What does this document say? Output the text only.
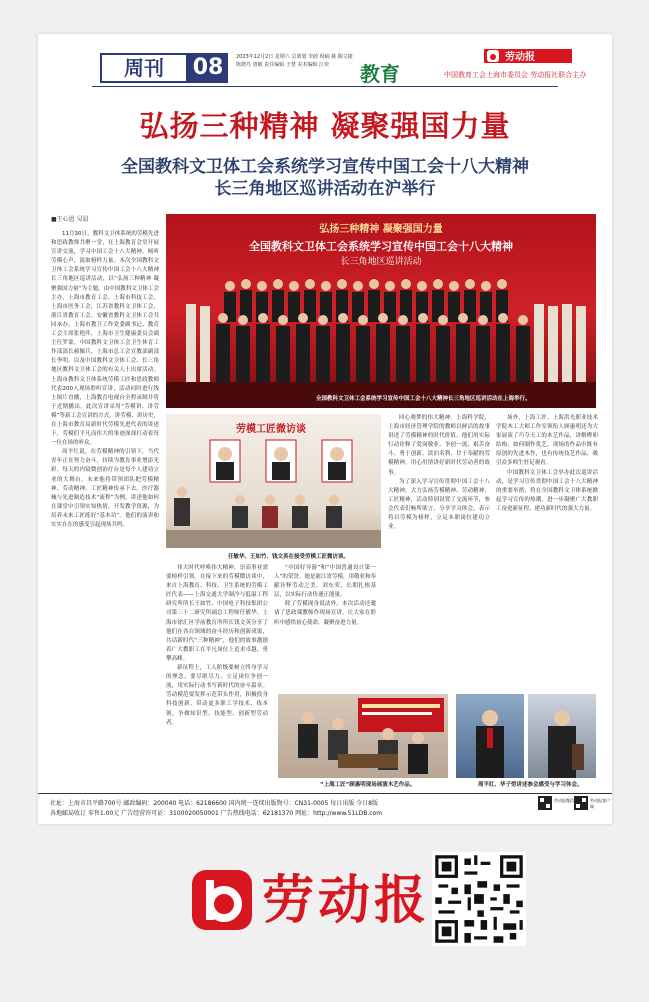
周刊	08	2023年12月2日 星期六 总策划 李蔚 组稿 姚 陶文捷 陈晓丹 唐敏 责任编辑 王慧 美术编辑 江奕	教育
劳动报
中国教育工会上海市委员会 劳动报社联合主办
弘扬三种精神 凝聚强国力量
全国教科文卫体工会系统学习宣传中国工会十八大精神
长三角地区巡讲活动在沪举行
■王心恩 吴晨

11月30日，教科文卫体系统的劳模先进和思政教师共聚一堂，在上海教育会堂开展宣讲交流，学习中国工会十八大精神，倾听劳模心声，汲取榜样力量。本次全国教科文卫体工会系统学习宣传中国工会十八大精神长三角地区巡讲活动，以“弘扬三种精神 凝聚强国力量”为主题，由中国教科文卫体工会主办，上海市教育工会、上海市科技工会、上海市医务工会，江苏省教科文卫体工会、浙江省教育工会、安徽省教科文卫体工会共同承办。上海市教卫工作党委副书记、教育工会主席张艳萍，上海市卫生健康委员会副主任罗蒙，中国教科文卫体工会卫生体育工作部部长郝佩兵，上海市总工会宣教部副部长李明，以及中国教科文卫体工会、长三角地区教科文卫体工会的有关人士出席活动。上海市教科文卫体系统劳模工匠和思政教师代表200人现场聆听宣讲，活动同时进行线上图片直播，上海教育电视台全程录制并将于近期播出。此次宣讲采用“劳模讲、讲劳模”等新工会宣讲的方式，讲劳模、讲历史，在上海市教育局新时代劳模先进代表的讲述下，劳模们平凡而伟大的事迹深深打动着每一位在场的听众。

周平红说，在劳模精神的引领下，当代青年正在努力奋斗，持续为教育事业增添光彩。每天的内镜微创治疗台是每个人建功立业的大舞台，未来他将带领团队把劳模精神、劳动精神、工匠精神传承下去。医疗器械与先进制造技术“流程”为例，讲述他如何在课堂中引领实知热情，开发教学资源，为培养未来工匠练好“基本功”。他们的演讲和实实在在的感受引起现场共鸣。

弘扬三种精神 凝聚强国力量
全国教科文卫体工会系统学习宣传中国工会十八大精神
长三角地区巡讲活动
全国教科文卫体工会系统学习宣传中国工会十八大精神长三角地区巡讲活动在上海举行。
劳模工匠微访谈
任敏华、王如竹、钱文英在接受劳模工匠微访谈。

伟大时代呼唤伟大精神，崇高事业需要榜样引领。在接下来的劳模微访谈中，来自上海教育、科技、卫生系统的劳模工匠代表——上海交通大学制冷与低温工程研究所所长王如竹、中国电子科技集团公司第三十二研究所副总工程师任敏华、上海市徐汇区学前教育所所长钱文英分享了他们在各自领域的奋斗经历和创新成果，共话新时代“三种精神”，他们的故事激励着广大教职工在平凡岗位上追求卓越、勇攀高峰。

新征程上，工人阶级要树立终身学习的理念，要尽职尽力、立足岗位争创一流，用实际行动书写新时代的奋斗篇章。劳动模范要发挥示范带头作用，积极投身科技创新，带动更多职工学技术、练本领，争做知识型、技能型、创新型劳动者。

“中国好导游”和“中国普通设计第一人”的荣誉。她是浙江省劳模，用敬业和奉献诠释劳动之美。刘东荣，长期扎根基层，以实际行动传递正能量。

除了劳模现身说法外，本次活动还邀请了思政课教师作现场宣讲，让大家在聆听中感悟初心使命，凝聚奋进力量。

回心观梦的伟大精神。上海科学院、上海市经济管理学院的教师以鲜活的故事讲述了劳模精神的时代价值。他们用实际行动诠释了爱岗敬业、争创一流、艰苦奋斗、勇于创新、淡泊名利、甘于奉献的劳模精神，用心用情讲好新时代劳动者的故事。

为了深入学习宣传贯彻中国工会十八大精神，大力弘扬劳模精神、劳动精神、工匠精神，活动特别设置了交流环节，参会代表们畅所欲言，分享学习体会，表示将以劳模为榜样，立足本职岗位建功立业。

场外，上海工匠、上海洪光职业技术学院木工大师工作室领衔人顾惠明还为大家展演了巧夺天工的木艺作品，讲解榫卯结构、如何制作优艺，现场的作品中既有原创的先进木作，也有传统技艺作品，吸引众多师生驻足观看。

中国教科文卫体工会举办此次巡讲活动，是学习宣传贯彻中国工会十八大精神的重要举措，将在全国教科文卫体系统掀起学习宣传的热潮，进一步凝聚广大教职工奋进新征程、建功新时代的强大力量。

“上海工匠”顾惠明现场展演木艺作品。	周平红、华子恺讲述参会感受与学习体会。
社址：上海市昌平路700号 邮政编码：200040 电话：62186600 国内统一连续出版物号：CN31-0005 每日出版 今日8版
各地邮局收订 零售1.00元 广告经营许可证：3100020050001 广告热线电话：62181370 网址：http://www.51LDB.com
劳动报微信	劳动报客户端
劳动报
